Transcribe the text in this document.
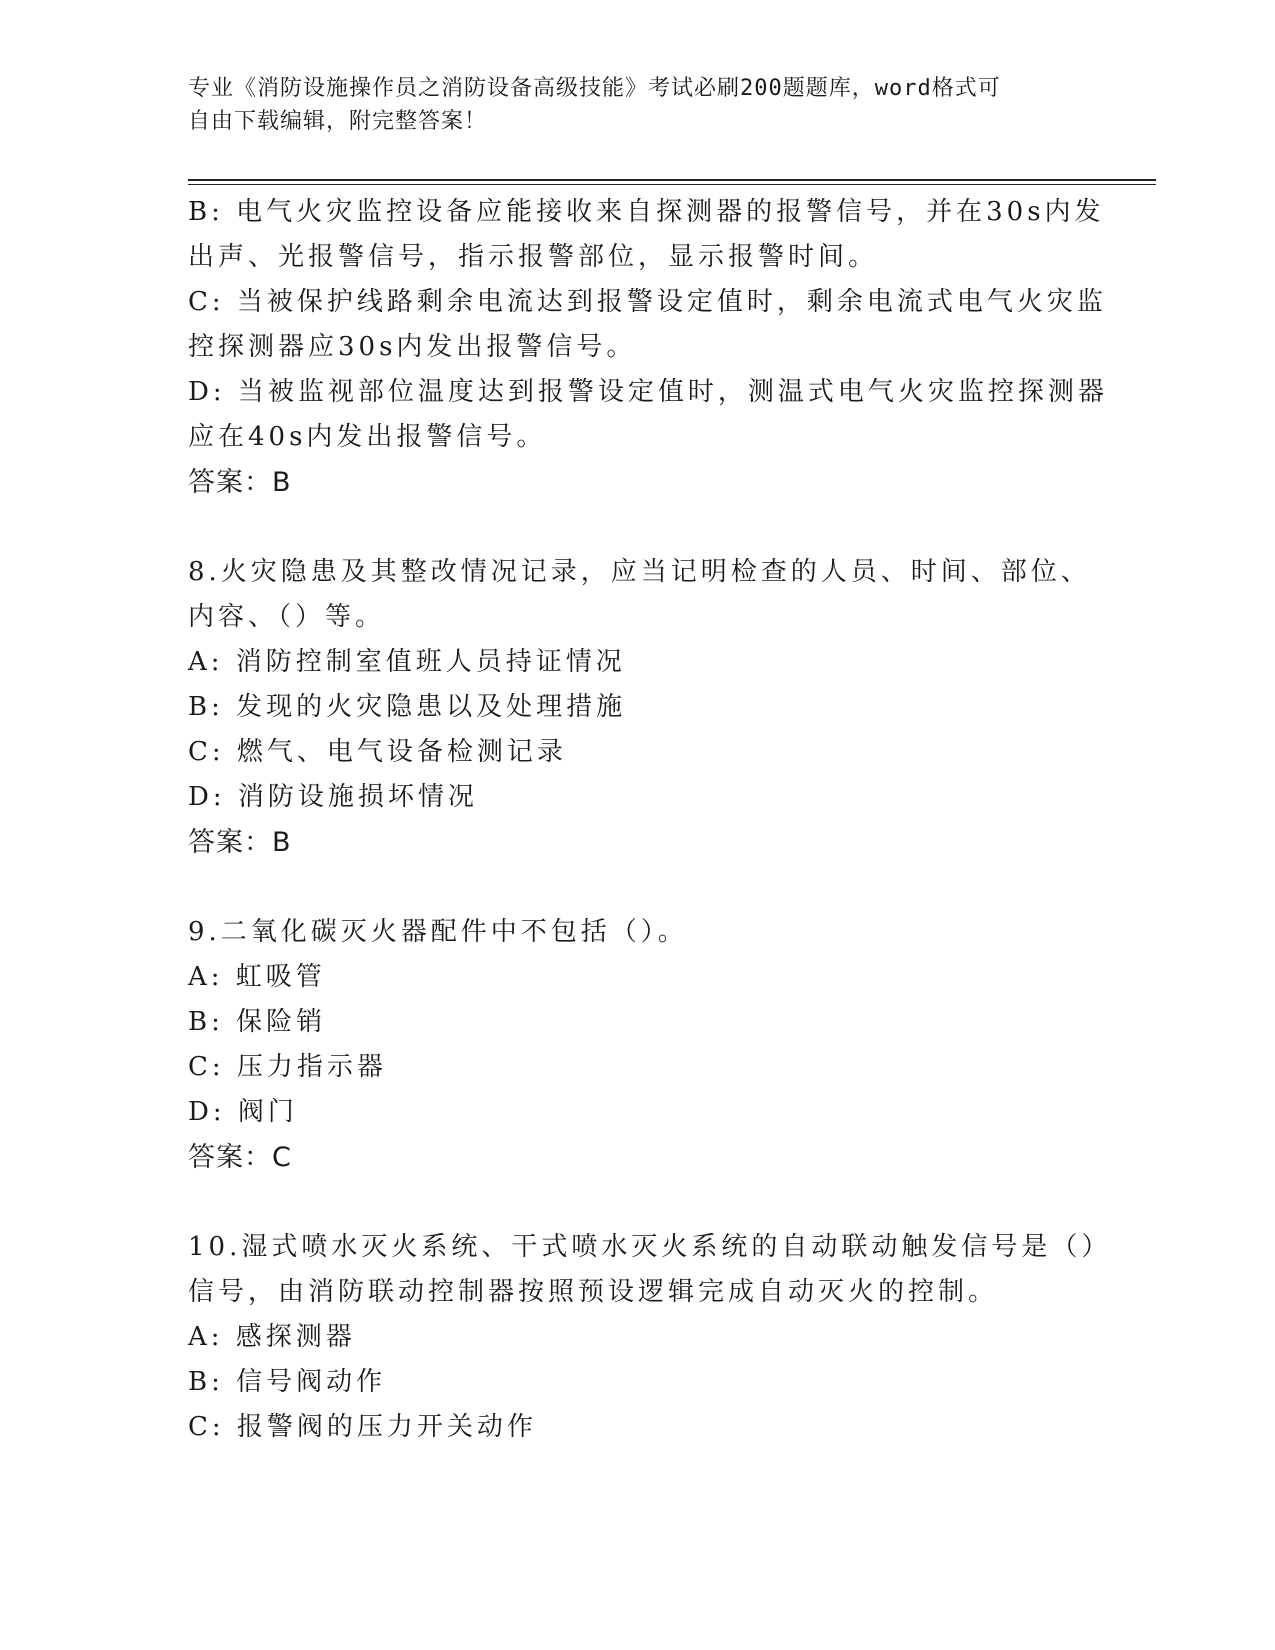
专业《消防设施操作员之消防设备高级技能》考试必刷200题题库，word格式可
自由下载编辑，附完整答案！
B: 电气火灾监控设备应能接收来自探测器的报警信号，并在30s内发
出声、光报警信号，指示报警部位，显示报警时间。
C: 当被保护线路剩余电流达到报警设定值时，剩余电流式电气火灾监
控探测器应30s内发出报警信号。
D: 当被监视部位温度达到报警设定值时，测温式电气火灾监控探测器
应在40s内发出报警信号。
答案：B
8.火灾隐患及其整改情况记录，应当记明检查的人员、时间、部位、
内容、（）等。
A: 消防控制室值班人员持证情况
B: 发现的火灾隐患以及处理措施
C: 燃气、电气设备检测记录
D: 消防设施损坏情况
答案：B
9.二氧化碳灭火器配件中不包括（）。
A: 虹吸管
B: 保险销
C: 压力指示器
D: 阀门
答案：C
10.湿式喷水灭火系统、干式喷水灭火系统的自动联动触发信号是（）
信号，由消防联动控制器按照预设逻辑完成自动灭火的控制。
A: 感探测器
B: 信号阀动作
C: 报警阀的压力开关动作
